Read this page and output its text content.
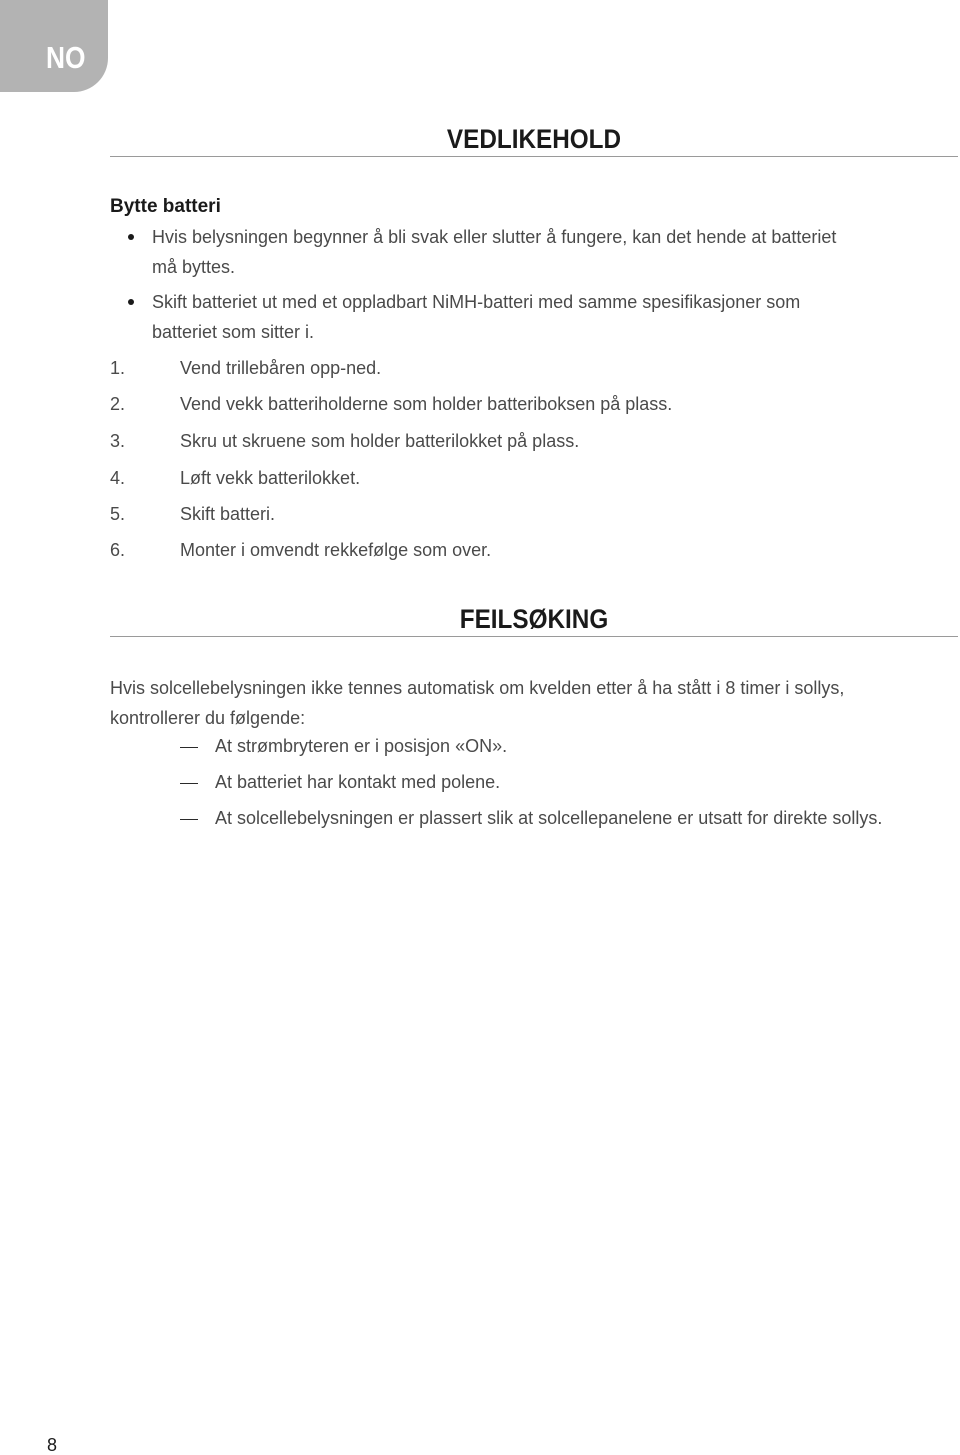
NO
VEDLIKEHOLD
Bytte batteri
Hvis belysningen begynner å bli svak eller slutter å fungere, kan det hende at batteriet
må byttes.
Skift batteriet ut med et oppladbart NiMH-batteri med samme spesifikasjoner som
batteriet som sitter i.
1.	Vend trillebåren opp-ned.
2.	Vend vekk batteriholderne som holder batteriboksen på plass.
3.	Skru ut skruene som holder batterilokket på plass.
4.	Løft vekk batterilokket.
5.	Skift batteri.
6.	Monter i omvendt rekkefølge som over.
FEILSØKING
Hvis solcellebelysningen ikke tennes automatisk om kvelden etter å ha stått i 8 timer i sollys,
kontrollerer du følgende:
At strømbryteren er i posisjon «ON».
At batteriet har kontakt med polene.
At solcellebelysningen er plassert slik at solcellepanelene er utsatt for direkte sollys.
8
